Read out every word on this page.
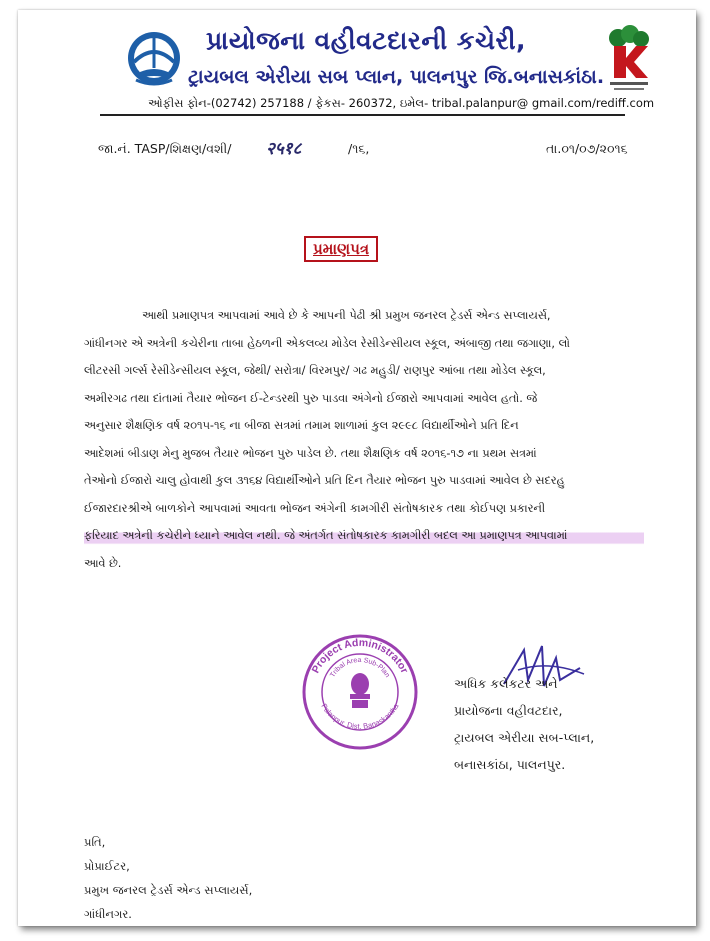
પ્રાયોજના વહીવટદારની કચેરી,
ટ્રાયબલ એરીયા સબ પ્લાન, પાલનપુર જિ.બનાસકાંઠા.
ઓફીસ ફોન-(02742) 257188 / ફેકસ- 260372, ઇમેલ- tribal.palanpur@ gmail.com/rediff.com
જા.નં. TASP/શિક્ષણ/વશી/ २५१८	/૧૬,	તા.૦૧/૦૭/૨૦૧૬
પ્રમાણપત્ર
આથી પ્રમાણપત્ર આપવામાં આવે છે કે આપની પેઢી શ્રી પ્રમુખ જનરલ ટ્રેડર્સ એન્ડ સપ્લાયર્સ,
ગાંધીનગર એ અત્રેની કચેરીના તાબા હેઠળની એકલવ્ય મોડેલ રેસીડેન્સીયલ સ્કૂલ, અંબાજી તથા જગાણા, લો
લીટરસી ગર્લ્સ રેસીડેન્સીયલ સ્કૂલ, જેથી/ સરોત્રા/ વિરમપુર/ ગઢ મહુડી/ રાણપુર આંબા તથા મોડેલ સ્કૂલ,
અમીરગઢ તથા દાંતામાં તૈયાર ભોજન ઈ-ટેન્ડરથી પુરુ પાડવા અંગેનો ઈજારો આપવામાં આવેલ હતો. જે
અનુસાર શૈક્ષણિક વર્ષ ૨૦૧૫-૧૬ ના બીજા સત્રમાં તમામ શાળામાં કુલ ૨૯૯૮ વિદ્યાર્થીઓને પ્રતિ દિન
આદેશમાં બીડાણ મેનુ મુજબ તૈયાર ભોજન પુરુ પાડેલ છે. તથા શૈક્ષણિક વર્ષ ૨૦૧૬-૧૭ ના પ્રથમ સત્રમાં
તેઓનો ઈજારો ચાલુ હોવાથી કુલ ૩૧૬૪ વિદ્યાર્થીઓને પ્રતિ દિન તૈયાર ભોજન પુરુ પાડવામાં આવેલ છે સદરહુ
ઈજારદારશ્રીએ બાળકોને આપવામાં આવતા ભોજન અંગેની કામગીરી સંતોષકારક તથા કોઈપણ પ્રકારની
ફરિયાદ અત્રેની કચેરીને ધ્યાને આવેલ નથી. જે અંતર્ગત સંતોષકારક કામગીરી બદલ આ પ્રમાણપત્ર આપવામાં
આવે છે.
Project Administrator
Tribal Area Sub-Plan
Palanpur. Dist. Banaskantha
અધિક કલેકટર અને
પ્રાયોજના વહીવટદાર,
ટ્રાયબલ એરીયા સબ-પ્લાન,
બનાસકાંઠા, પાલનપુર.
પ્રતિ,
પ્રોપ્રાઈટર,
પ્રમુખ જનરલ ટ્રેડર્સ એન્ડ સપ્લાયર્સ,
ગાંધીનગર.
